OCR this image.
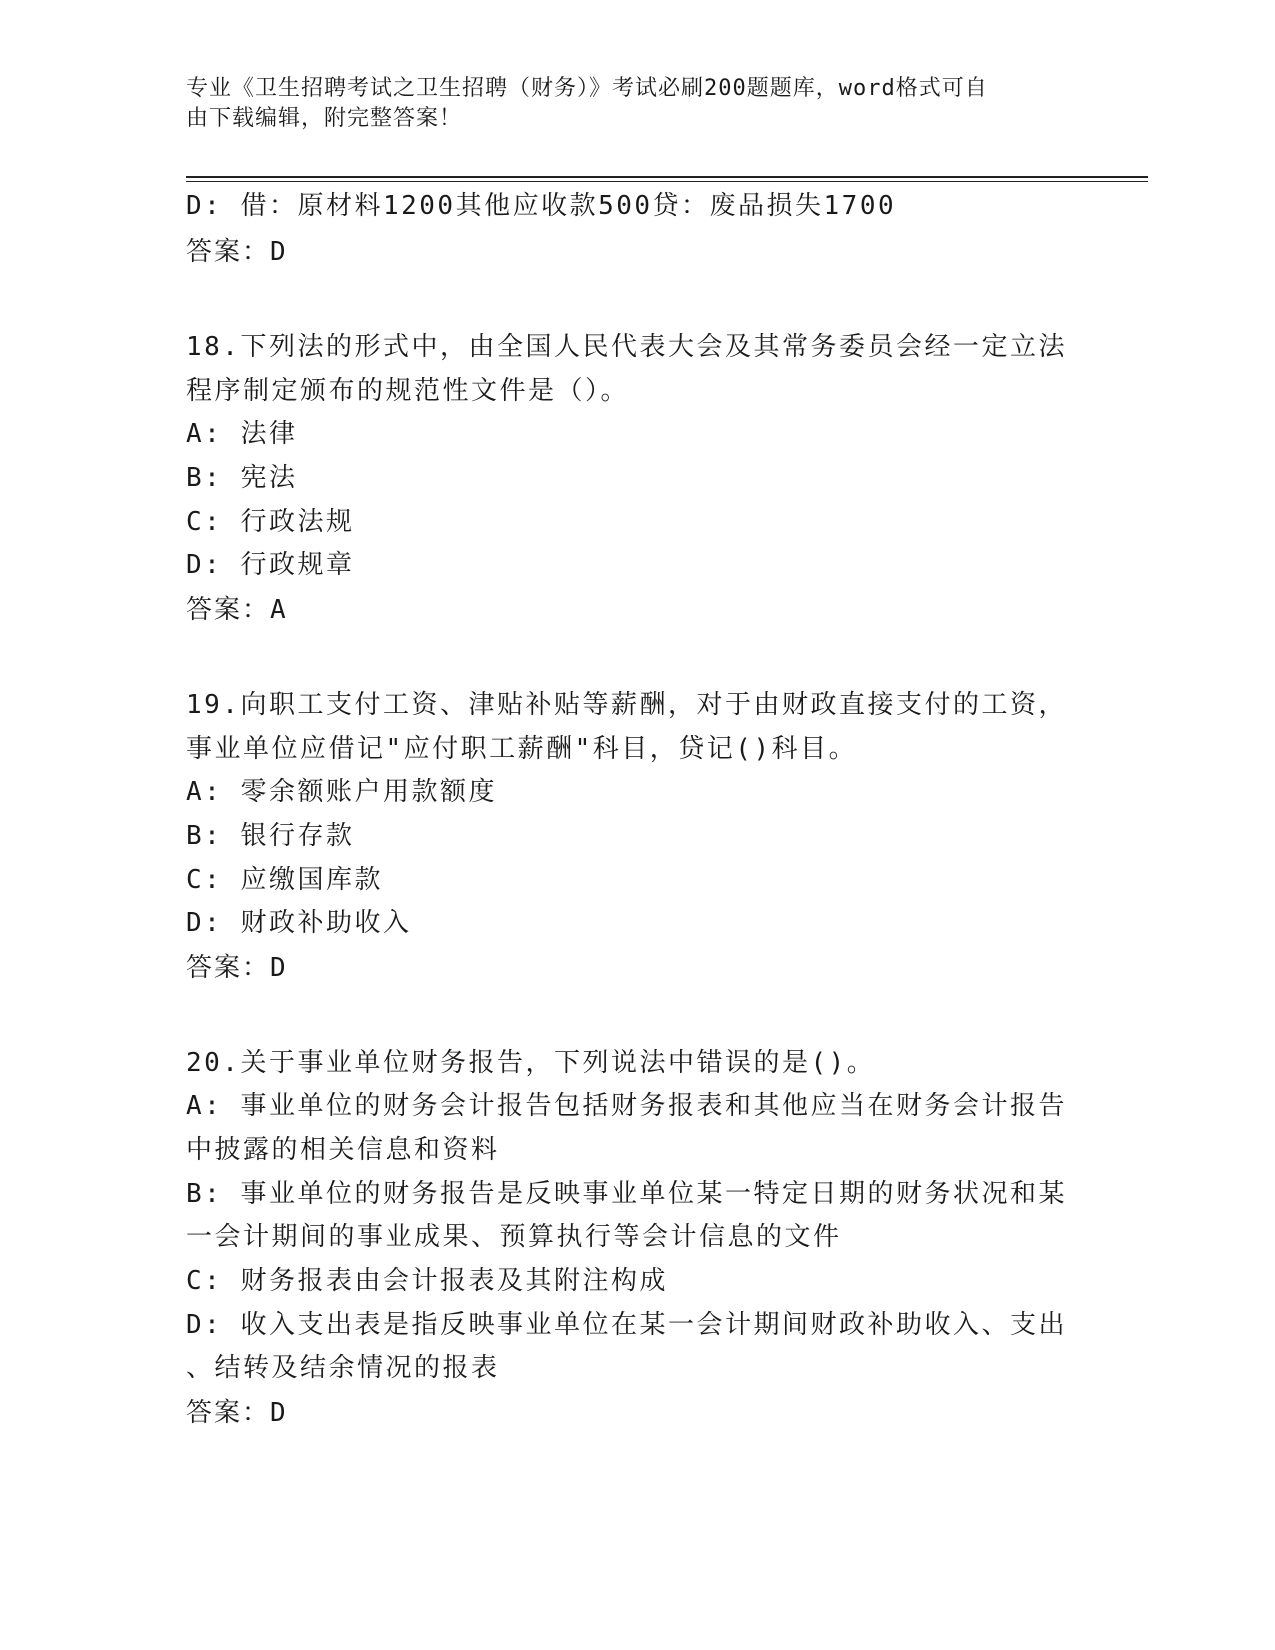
专业《卫生招聘考试之卫生招聘（财务）》考试必刷200题题库，word格式可自
由下载编辑，附完整答案！
D: 借：原材料1200其他应收款500贷：废品损失1700
答案：D
18.下列法的形式中，由全国人民代表大会及其常务委员会经一定立法
程序制定颁布的规范性文件是（）。
A: 法律
B: 宪法
C: 行政法规
D: 行政规章
答案：A
19.向职工支付工资、津贴补贴等薪酬，对于由财政直接支付的工资，
事业单位应借记"应付职工薪酬"科目，贷记()科目。
A: 零余额账户用款额度
B: 银行存款
C: 应缴国库款
D: 财政补助收入
答案：D
20.关于事业单位财务报告，下列说法中错误的是()。
A: 事业单位的财务会计报告包括财务报表和其他应当在财务会计报告
中披露的相关信息和资料
B: 事业单位的财务报告是反映事业单位某一特定日期的财务状况和某
一会计期间的事业成果、预算执行等会计信息的文件
C: 财务报表由会计报表及其附注构成
D: 收入支出表是指反映事业单位在某一会计期间财政补助收入、支出
、结转及结余情况的报表
答案：D
